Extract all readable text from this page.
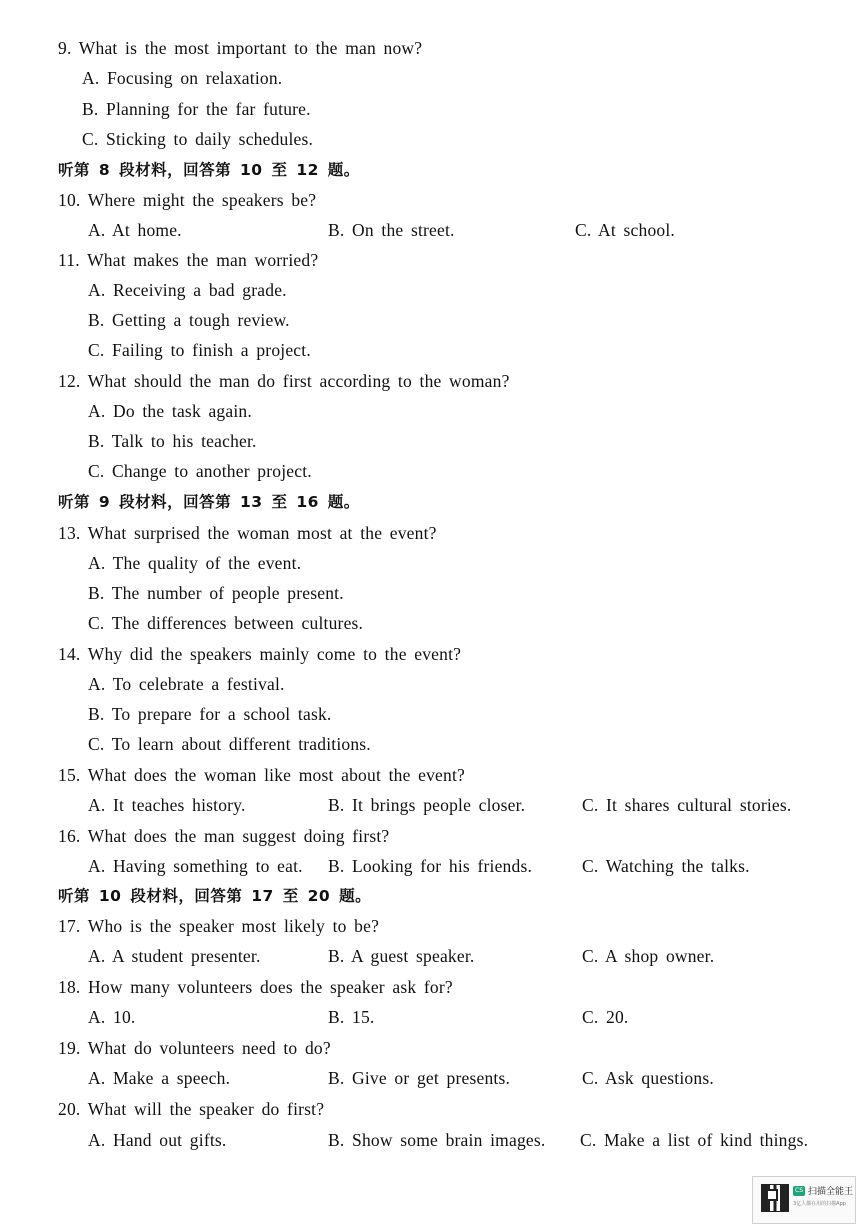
9. What is the most important to the man now?
A. Focusing on relaxation.
B. Planning for the far future.
C. Sticking to daily schedules.
听第 8 段材料，回答第 10 至 12 题。
10. Where might the speakers be?
A. At home.	B. On the street.	C. At school.
11. What makes the man worried?
A. Receiving a bad grade.
B. Getting a tough review.
C. Failing to finish a project.
12. What should the man do first according to the woman?
A. Do the task again.
B. Talk to his teacher.
C. Change to another project.
听第 9 段材料，回答第 13 至 16 题。
13. What surprised the woman most at the event?
A. The quality of the event.
B. The number of people present.
C. The differences between cultures.
14. Why did the speakers mainly come to the event?
A. To celebrate a festival.
B. To prepare for a school task.
C. To learn about different traditions.
15. What does the woman like most about the event?
A. It teaches history.	B. It brings people closer.	C. It shares cultural stories.
16. What does the man suggest doing first?
A. Having something to eat. B. Looking for his friends.	C. Watching the talks.
听第 10 段材料，回答第 17 至 20 题。
17. Who is the speaker most likely to be?
A. A student presenter.	B. A guest speaker.	C. A shop owner.
18. How many volunteers does the speaker ask for?
A. 10.	B. 15.	C. 20.
19. What do volunteers need to do?
A. Make a speech.	B. Give or get presents.	C. Ask questions.
20. What will the speaker do first?
A. Hand out gifts.	B. Show some brain images. C. Make a list of kind things.
CS 扫描全能王
3亿人都在用的扫描App
